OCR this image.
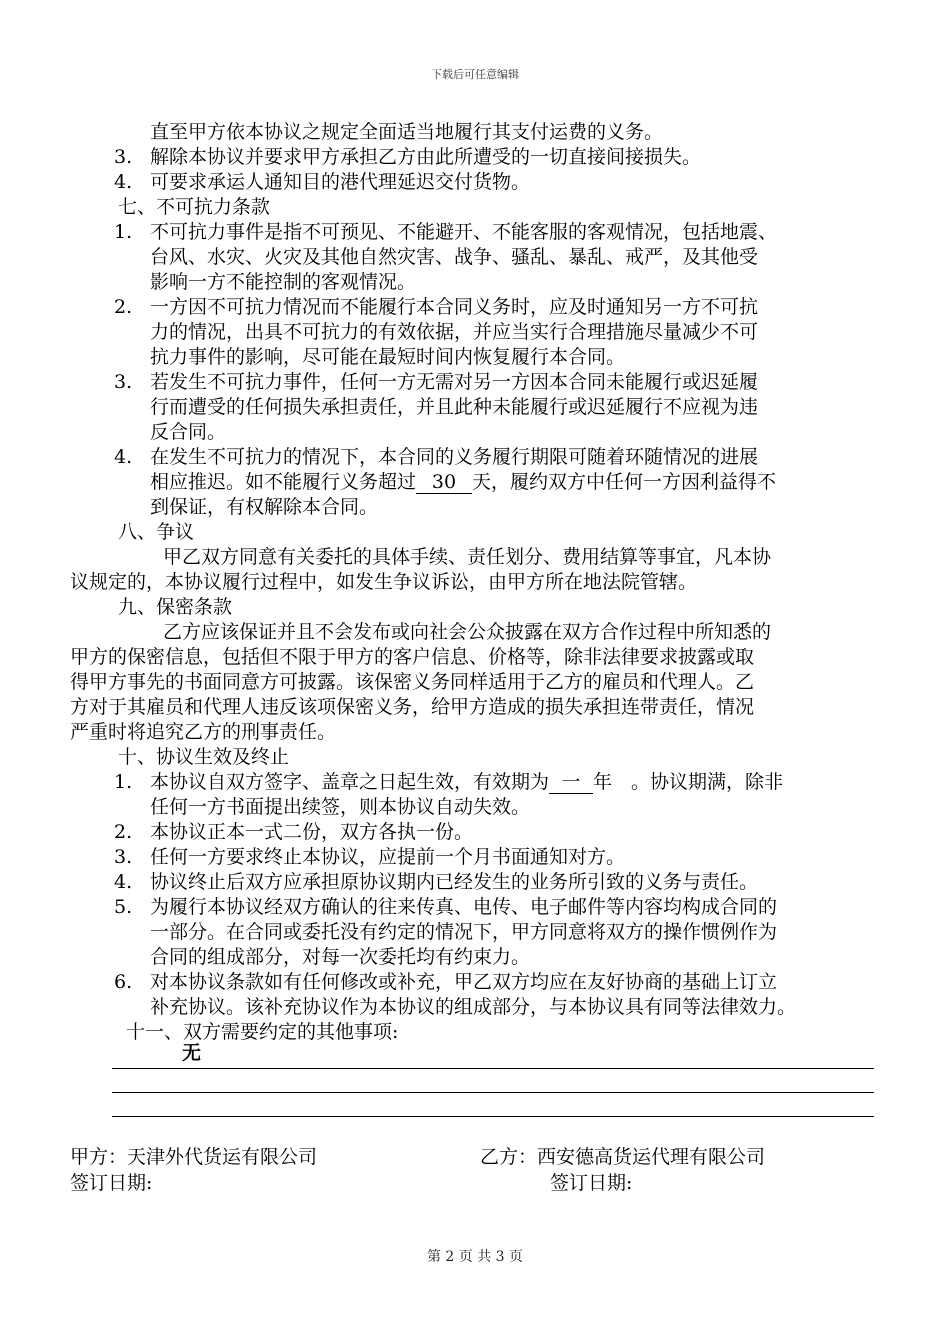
下载后可任意编辑

直至甲方依本协议之规定全面适当地履行其支付运费的义务。

3. 解除本协议并要求甲方承担乙方由此所遭受的一切直接间接损失。

4. 可要求承运人通知目的港代理延迟交付货物。

七、不可抗力条款

1. 不可抗力事件是指不可预见、不能避开、不能客服的客观情况，包括地震、

台风、水灾、火灾及其他自然灾害、战争、骚乱、暴乱、戒严，及其他受

影响一方不能控制的客观情况。

2. 一方因不可抗力情况而不能履行本合同义务时，应及时通知另一方不可抗

力的情况，出具不可抗力的有效依据，并应当实行合理措施尽量减少不可

抗力事件的影响，尽可能在最短时间内恢复履行本合同。

3. 若发生不可抗力事件，任何一方无需对另一方因本合同未能履行或迟延履

行而遭受的任何损失承担责任，并且此种未能履行或迟延履行不应视为违

反合同。

4. 在发生不可抗力的情况下，本合同的义务履行期限可随着环随情况的进展

相应推迟。如不能履行义务超过 30 天，履约双方中任何一方因利益得不

到保证，有权解除本合同。

八、争议

甲乙双方同意有关委托的具体手续、责任划分、费用结算等事宜，凡本协

议规定的，本协议履行过程中，如发生争议诉讼，由甲方所在地法院管辖。

九、保密条款

乙方应该保证并且不会发布或向社会公众披露在双方合作过程中所知悉的

甲方的保密信息，包括但不限于甲方的客户信息、价格等，除非法律要求披露或取

得甲方事先的书面同意方可披露。该保密义务同样适用于乙方的雇员和代理人。乙

方对于其雇员和代理人违反该项保密义务，给甲方造成的损失承担连带责任，情况

严重时将追究乙方的刑事责任。

十、协议生效及终止

1. 本协议自双方签字、盖章之日起生效，有效期为 一 年　。协议期满，除非

任何一方书面提出续签，则本协议自动失效。

2. 本协议正本一式二份，双方各执一份。

3. 任何一方要求终止本协议，应提前一个月书面通知对方。

4. 协议终止后双方应承担原协议期内已经发生的业务所引致的义务与责任。

5. 为履行本协议经双方确认的往来传真、电传、电子邮件等内容均构成合同的

一部分。在合同或委托没有约定的情况下，甲方同意将双方的操作惯例作为

合同的组成部分，对每一次委托均有约束力。

6. 对本协议条款如有任何修改或补充，甲乙双方均应在友好协商的基础上订立

补充协议。该补充协议作为本协议的组成部分，与本协议具有同等法律效力。

十一、双方需要约定的其他事项:

无
甲方：天津外代货运有限公司	乙方：西安德高货运代理有限公司
签订日期:	签订日期:
第 2 页 共 3 页
